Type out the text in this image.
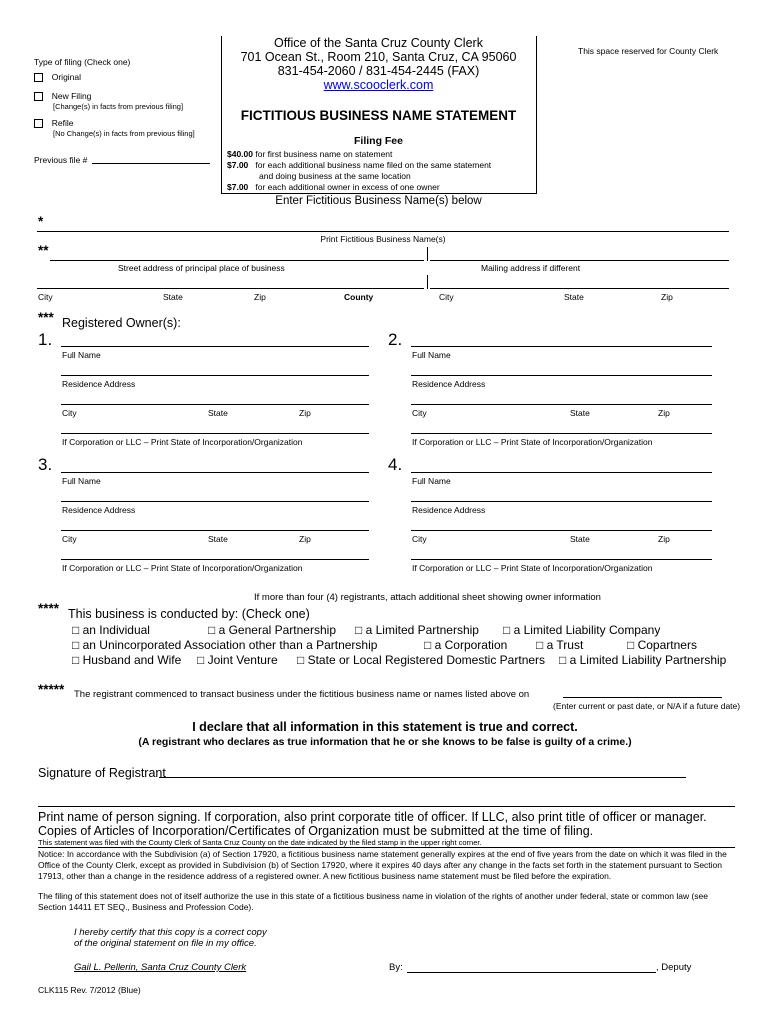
Office of the Santa Cruz County Clerk
701 Ocean St., Room 210, Santa Cruz, CA 95060
831-454-2060 / 831-454-2445 (FAX)
www.scooclerk.com
This space reserved for County Clerk
FICTITIOUS BUSINESS NAME STATEMENT
Type of filing (Check one)
Original
New Filing
[Change(s) in facts from previous filing]
Refile
[No Change(s) in facts from previous filing]
Previous file #
Filing Fee
$40.00 for first business name on statement
$7.00 for each additional business name filed on the same statement
and doing business at the same location
$7.00 for each additional owner in excess of one owner
Enter Fictitious Business Name(s) below
*
Print Fictitious Business Name(s)
**
Street address of principal place of business	Mailing address if different
City	State	Zip	County	City	State	Zip
*** Registered Owner(s):
1.
Full Name
Residence Address
City	State	Zip
If Corporation or LLC – Print State of Incorporation/Organization
2.
Full Name
Residence Address
City	State	Zip
If Corporation or LLC – Print State of Incorporation/Organization
3.
Full Name
Residence Address
City	State	Zip
If Corporation or LLC – Print State of Incorporation/Organization
4.
Full Name
Residence Address
City	State	Zip
If Corporation or LLC – Print State of Incorporation/Organization
If more than four (4) registrants, attach additional sheet showing owner information
**** This business is conducted by: (Check one)
□ an Individual	□ a General Partnership □ a Limited Partnership □ a Limited Liability Company
□ an Unincorporated Association other than a Partnership	□ a Corporation □ a Trust	□ Copartners
□ Husband and Wife □ Joint Venture □ State or Local Registered Domestic Partners □ a Limited Liability Partnership
***** The registrant commenced to transact business under the fictitious business name or names listed above on
(Enter current or past date, or N/A if a future date)
I declare that all information in this statement is true and correct.
(A registrant who declares as true information that he or she knows to be false is guilty of a crime.)
Signature of Registrant
Print name of person signing. If corporation, also print corporate title of officer. If LLC, also print title of officer or manager.
Copies of Articles of Incorporation/Certificates of Organization must be submitted at the time of filing.
This statement was filed with the County Clerk of Santa Cruz County on the date indicated by the filed stamp in the upper right corner.
Notice: In accordance with the Subdivision (a) of Section 17920, a fictitious business name statement generally expires at the end of five years from the date on which it was filed in the Office of the County Clerk, except as provided in Subdivision (b) of Section 17920, where it expires 40 days after any change in the facts set forth in the statement pursuant to Section 17913, other than a change in the residence address of a registered owner. A new fictitious business name statement must be filed before the expiration.
The filing of this statement does not of itself authorize the use in this state of a fictitious business name in violation of the rights of another under federal, state or common law (see Section 14411 ET SEQ., Business and Profession Code).
I hereby certify that this copy is a correct copy
of the original statement on file in my office.
Gail L. Pellerin, Santa Cruz County Clerk	By:	, Deputy
CLK115 Rev. 7/2012 (Blue)
